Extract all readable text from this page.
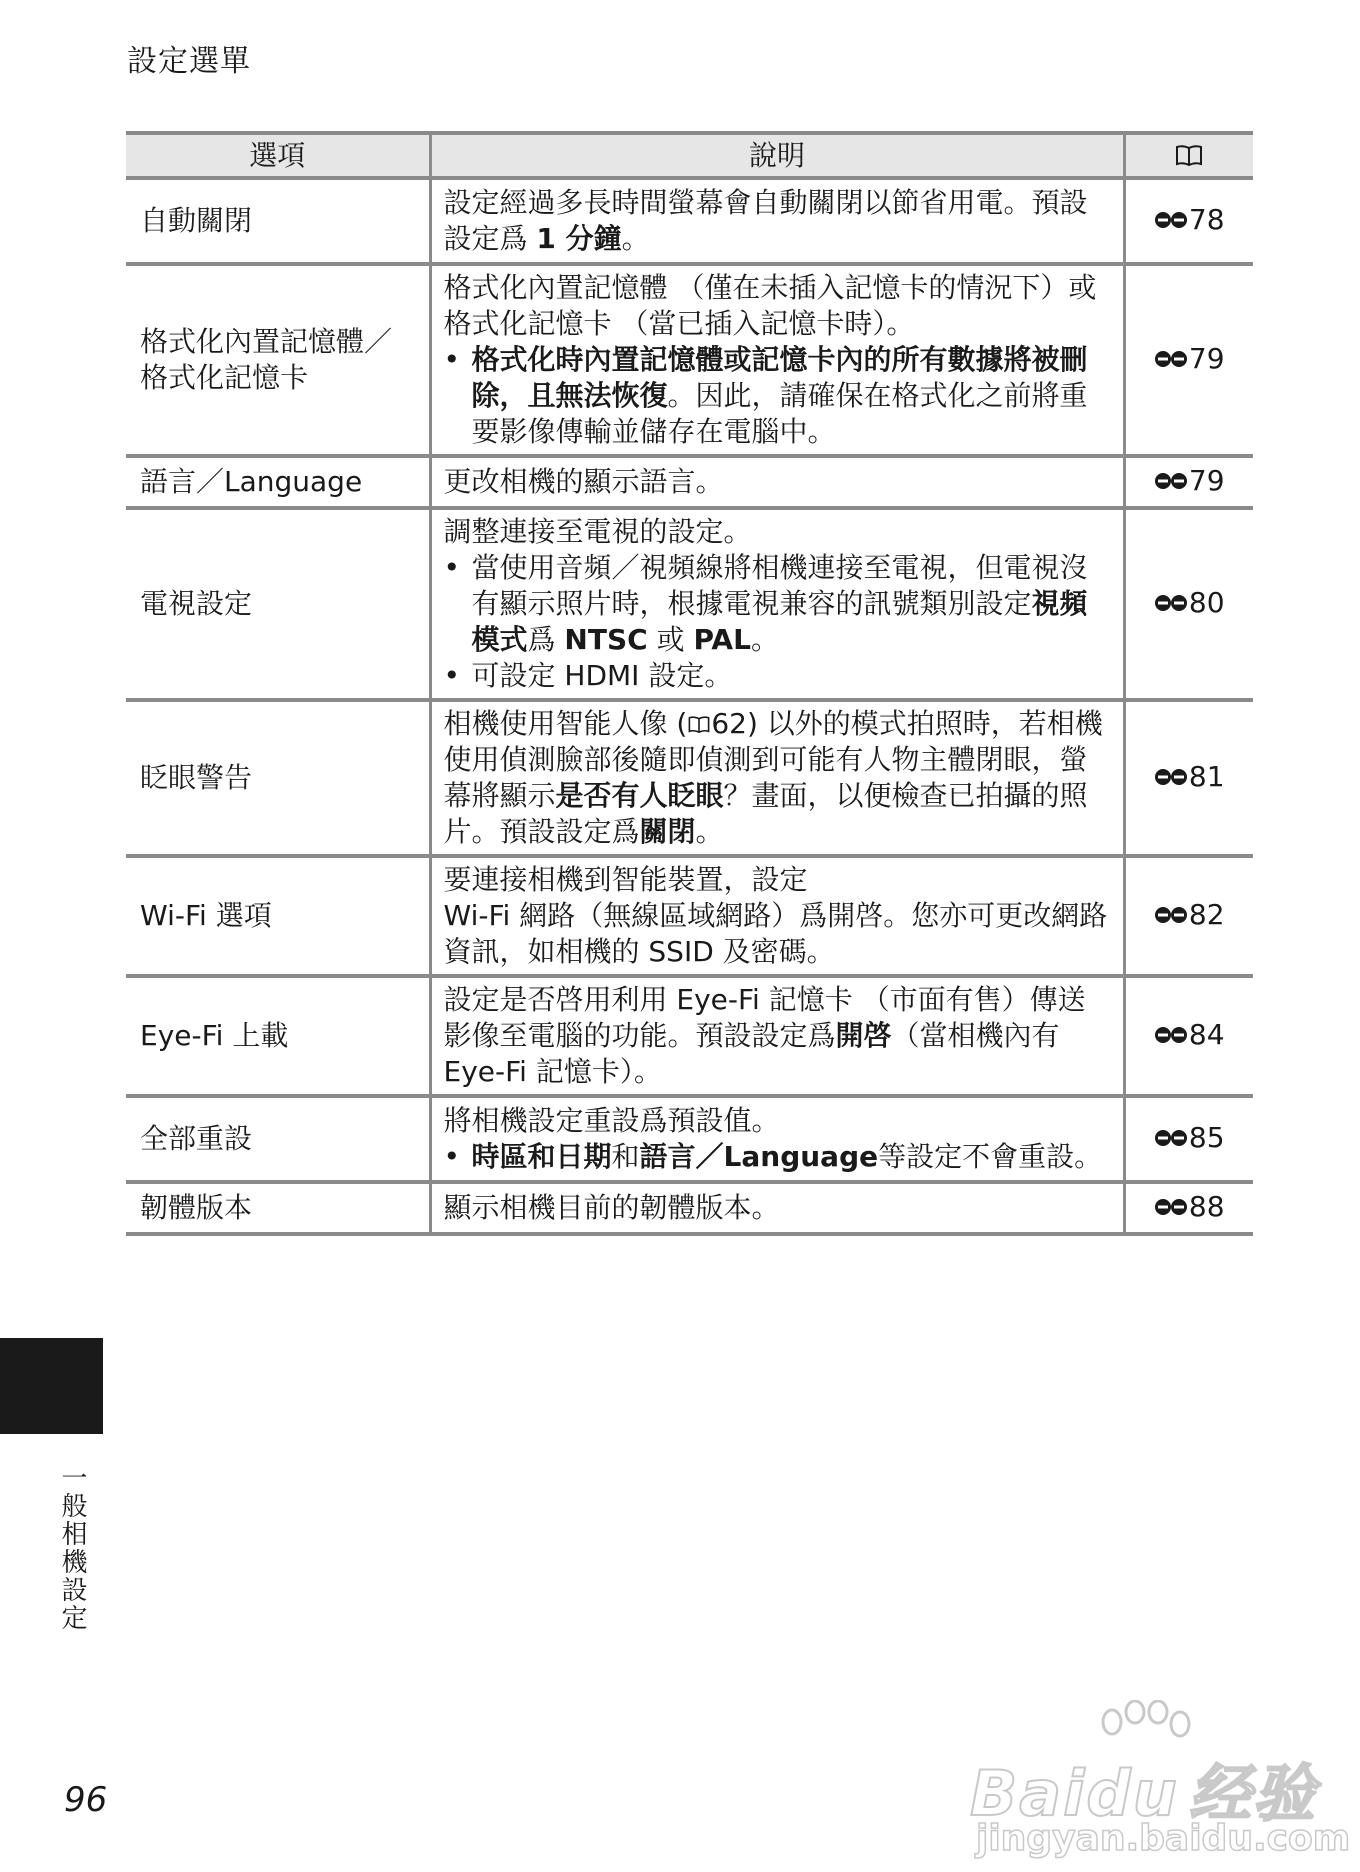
設定選單
選項	說明	
自動關閉	設定經過多長時間螢幕會自動關閉以節省用電。預設設定爲 1 分鐘。	78

格式化內置記憶體／格式化記憶卡	格式化內置記憶體 （僅在未插入記憶卡的情況下）或格式化記憶卡 （當已插入記憶卡時）。
• 格式化時內置記憶體或記憶卡內的所有數據將被刪除，且無法恢復。因此，請確保在格式化之前將重要影像傳輸並儲存在電腦中。	79

語言／Language	更改相機的顯示語言。	79

電視設定	調整連接至電視的設定。
• 當使用音頻／視頻線將相機連接至電視，但電視沒有顯示照片時，根據電視兼容的訊號類別設定視頻模式爲 NTSC 或 PAL。
• 可設定 HDMI 設定。	80

眨眼警告	相機使用智能人像 ( 62) 以外的模式拍照時，若相機使用偵測臉部後隨即偵測到可能有人物主體閉眼，螢幕將顯示是否有人眨眼？畫面，以便檢查已拍攝的照片。預設設定爲關閉。	81

Wi-Fi 選項	要連接相機到智能裝置，設定
Wi-Fi 網路（無線區域網路）爲開啓。您亦可更改網路資訊，如相機的 SSID 及密碼。	82

Eye-Fi 上載	設定是否啓用利用 Eye-Fi 記憶卡 （市面有售）傳送影像至電腦的功能。預設設定爲開啓（當相機內有 Eye-Fi 記憶卡）。	84

全部重設	將相機設定重設爲預設值。
• 時區和日期和語言／Language等設定不會重設。	85

韌體版本	顯示相機目前的韌體版本。	88
一般相機設定
96	Baidu 经验
jingyan.baidu.com
